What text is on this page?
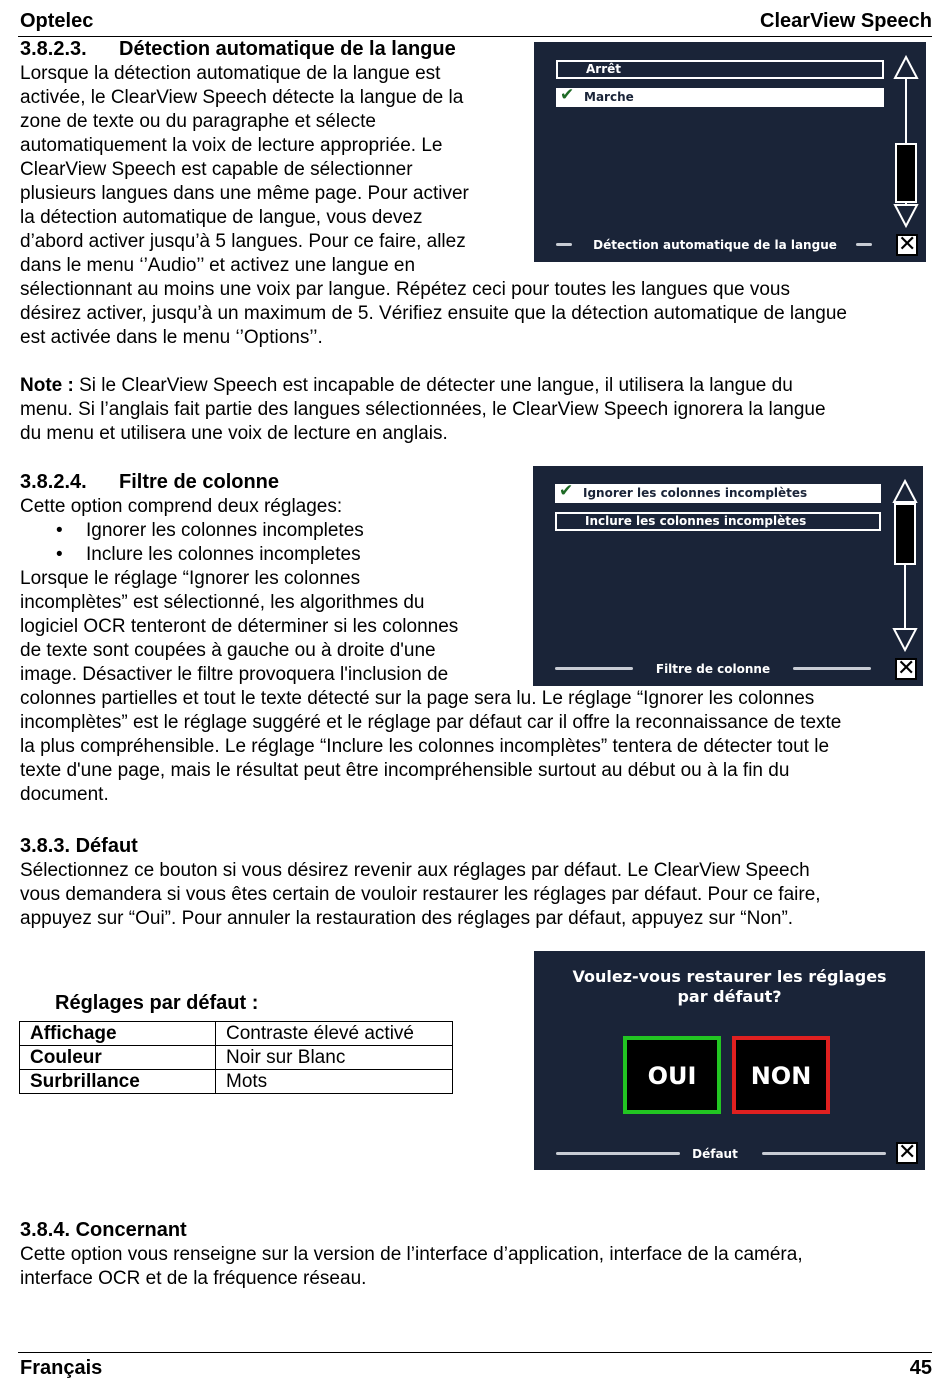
Optelec	ClearView Speech
3.8.2.3. Détection automatique de la langue
Lorsque la détection automatique de la langue est
activée, le ClearView Speech détecte la langue de la
zone de texte ou du paragraphe et sélecte
automatiquement la voix de lecture appropriée. Le
ClearView Speech est capable de sélectionner
plusieurs langues dans une même page. Pour activer
la détection automatique de langue, vous devez
d’abord activer jusqu’à 5 langues. Pour ce faire, allez
dans le menu ‘’Audio’’ et activez une langue en
sélectionnant au moins une voix par langue. Répétez ceci pour toutes les langues que vous
désirez activer, jusqu’à un maximum de 5. Vérifiez ensuite que la détection automatique de langue
est activée dans le menu ‘’Options’’.
Note : Si le ClearView Speech est incapable de détecter une langue, il utilisera la langue du
menu. Si l’anglais fait partie des langues sélectionnées, le ClearView Speech ignorera la langue
du menu et utilisera une voix de lecture en anglais.
Arrêt
✔ Marche
Détection automatique de la langue	✕
3.8.2.4. Filtre de colonne
Cette option comprend deux réglages:
• Ignorer les colonnes incompletes
• Inclure les colonnes incompletes
Lorsque le réglage “Ignorer les colonnes
incomplètes” est sélectionné, les algorithmes du
logiciel OCR tenteront de déterminer si les colonnes
de texte sont coupées à gauche ou à droite d'une
image. Désactiver le filtre provoquera l'inclusion de
colonnes partielles et tout le texte détecté sur la page sera lu. Le réglage “Ignorer les colonnes
incomplètes” est le réglage suggéré et le réglage par défaut car il offre la reconnaissance de texte
la plus compréhensible. Le réglage “Inclure les colonnes incomplètes” tentera de détecter tout le
texte d'une page, mais le résultat peut être incompréhensible surtout au début ou à la fin du
document.
✔ Ignorer les colonnes incomplètes
Inclure les colonnes incomplètes
Filtre de colonne	✕
3.8.3. Défaut
Sélectionnez ce bouton si vous désirez revenir aux réglages par défaut. Le ClearView Speech
vous demandera si vous êtes certain de vouloir restaurer les réglages par défaut. Pour ce faire,
appuyez sur “Oui”. Pour annuler la restauration des réglages par défaut, appuyez sur “Non”.
Réglages par défaut :
Affichage	Contraste élevé activé
Couleur	Noir sur Blanc
Surbrillance	Mots
Voulez-vous restaurer les réglages
par défaut?
OUI	NON
Défaut	✕
3.8.4. Concernant
Cette option vous renseigne sur la version de l’interface d’application, interface de la caméra,
interface OCR et de la fréquence réseau.
Français	45
